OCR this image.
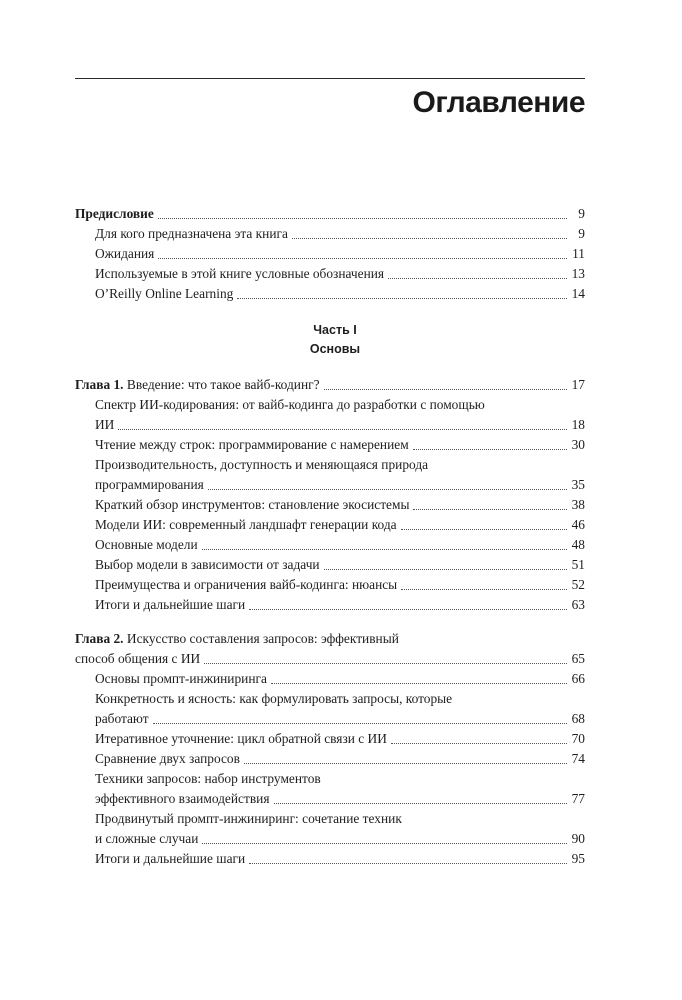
Оглавление
Предисловие	9
Для кого предназначена эта книга	9
Ожидания	11
Используемые в этой книге условные обозначения	13
O’Reilly Online Learning	14
Часть I
Основы
Глава 1. Введение: что такое вайб-кодинг?	17
Спектр ИИ-кодирования: от вайб-кодинга до разработки с помощью
ИИ	18
Чтение между строк: программирование с намерением	30
Производительность, доступность и меняющаяся природа
программирования	35
Краткий обзор инструментов: становление экосистемы	38
Модели ИИ: современный ландшафт генерации кода	46
Основные модели	48
Выбор модели в зависимости от задачи	51
Преимущества и ограничения вайб-кодинга: нюансы	52
Итоги и дальнейшие шаги	63
Глава 2. Искусство составления запросов: эффективный
способ общения с ИИ	65
Основы промпт-инжиниринга	66
Конкретность и ясность: как формулировать запросы, которые
работают	68
Итеративное уточнение: цикл обратной связи с ИИ	70
Сравнение двух запросов	74
Техники запросов: набор инструментов
эффективного взаимодействия	77
Продвинутый промпт-инжиниринг: сочетание техник
и сложные случаи	90
Итоги и дальнейшие шаги	95
